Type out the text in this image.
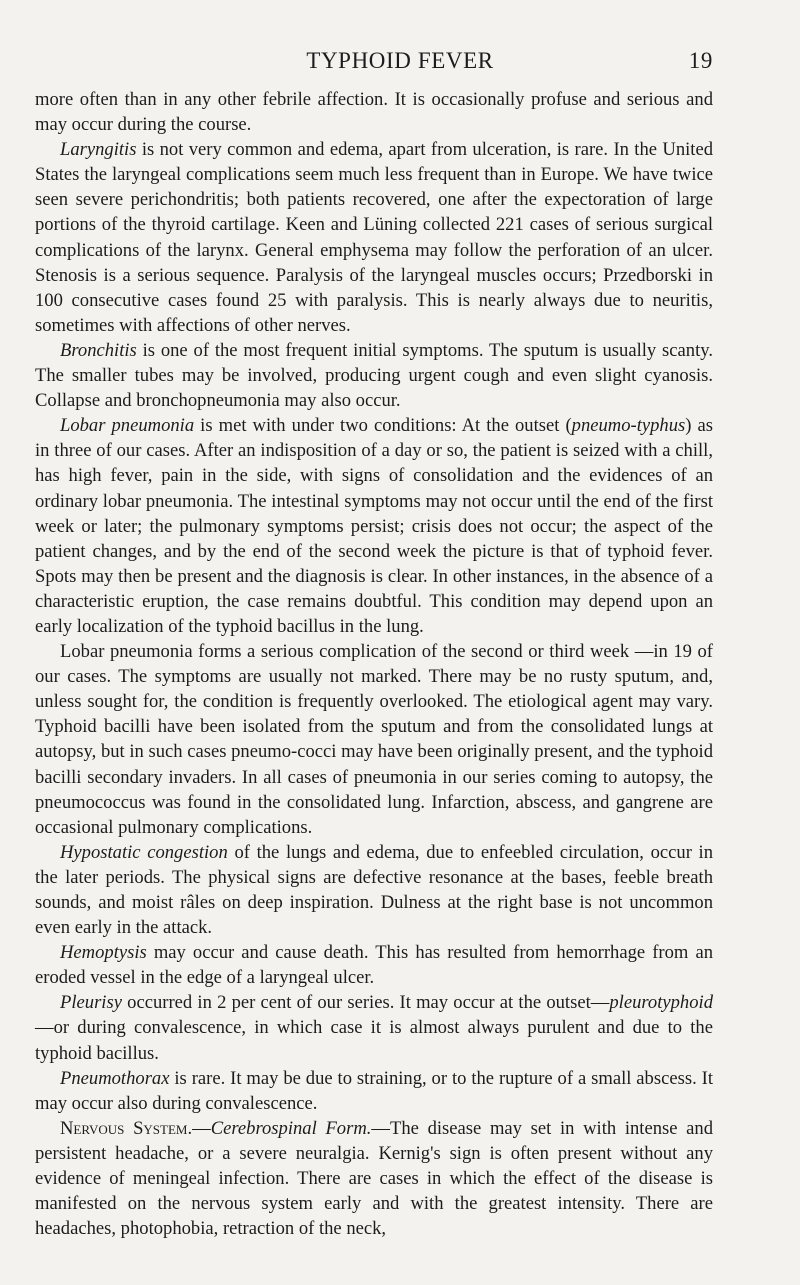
TYPHOID FEVER	19

more often than in any other febrile affection. It is occasionally profuse and serious and may occur during the course.

Laryngitis is not very common and edema, apart from ulceration, is rare. In the United States the laryngeal complications seem much less frequent than in Europe. We have twice seen severe perichondritis; both patients recovered, one after the expectoration of large portions of the thyroid cartilage. Keen and Lüning collected 221 cases of serious surgical complications of the larynx. General emphysema may follow the perforation of an ulcer. Stenosis is a serious sequence. Paralysis of the laryngeal muscles occurs; Przedborski in 100 consecutive cases found 25 with paralysis. This is nearly always due to neuritis, sometimes with affections of other nerves.

Bronchitis is one of the most frequent initial symptoms. The sputum is usually scanty. The smaller tubes may be involved, producing urgent cough and even slight cyanosis. Collapse and bronchopneumonia may also occur.

Lobar pneumonia is met with under two conditions: At the outset (pneumo-typhus) as in three of our cases. After an indisposition of a day or so, the patient is seized with a chill, has high fever, pain in the side, with signs of consolidation and the evidences of an ordinary lobar pneumonia. The intestinal symptoms may not occur until the end of the first week or later; the pulmonary symptoms persist; crisis does not occur; the aspect of the patient changes, and by the end of the second week the picture is that of typhoid fever. Spots may then be present and the diagnosis is clear. In other instances, in the absence of a characteristic eruption, the case remains doubtful. This condition may depend upon an early localization of the typhoid bacillus in the lung.

Lobar pneumonia forms a serious complication of the second or third week —in 19 of our cases. The symptoms are usually not marked. There may be no rusty sputum, and, unless sought for, the condition is frequently overlooked. The etiological agent may vary. Typhoid bacilli have been isolated from the sputum and from the consolidated lungs at autopsy, but in such cases pneumo-cocci may have been originally present, and the typhoid bacilli secondary invaders. In all cases of pneumonia in our series coming to autopsy, the pneumococcus was found in the consolidated lung. Infarction, abscess, and gangrene are occasional pulmonary complications.

Hypostatic congestion of the lungs and edema, due to enfeebled circulation, occur in the later periods. The physical signs are defective resonance at the bases, feeble breath sounds, and moist râles on deep inspiration. Dulness at the right base is not uncommon even early in the attack.

Hemoptysis may occur and cause death. This has resulted from hemorrhage from an eroded vessel in the edge of a laryngeal ulcer.

Pleurisy occurred in 2 per cent of our series. It may occur at the outset—pleurotyphoid—or during convalescence, in which case it is almost always purulent and due to the typhoid bacillus.

Pneumothorax is rare. It may be due to straining, or to the rupture of a small abscess. It may occur also during convalescence.

Nervous System.—Cerebrospinal Form.—The disease may set in with intense and persistent headache, or a severe neuralgia. Kernig's sign is often present without any evidence of meningeal infection. There are cases in which the effect of the disease is manifested on the nervous system early and with the greatest intensity. There are headaches, photophobia, retraction of the neck,
